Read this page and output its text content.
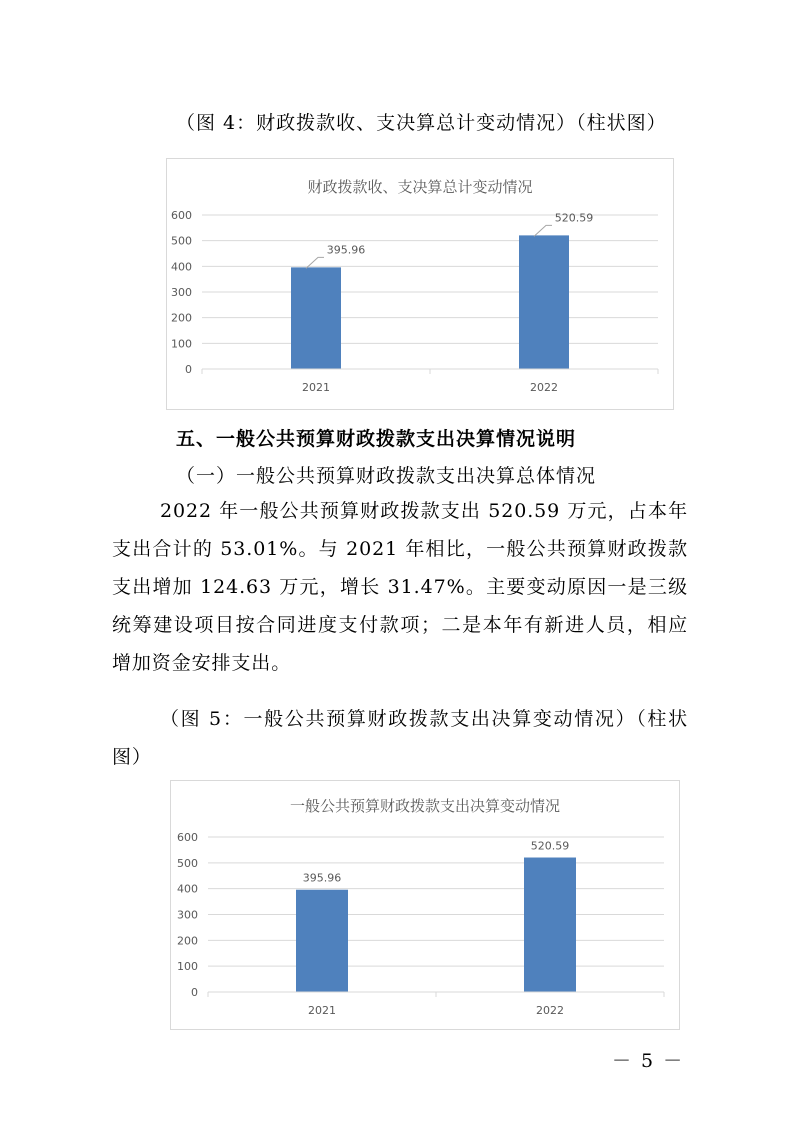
（图 4：财政拨款收、支决算总计变动情况）（柱状图）
财政拨款收、支决算总计变动情况
0
100
200
300
400
500
600
395.96
2021
520.59
2022
五、一般公共预算财政拨款支出决算情况说明
（一）一般公共预算财政拨款支出决算总体情况

2022 年一般公共预算财政拨款支出 520.59 万元，占本年支出合计的 53.01%。与 2021 年相比，一般公共预算财政拨款支出增加 124.63 万元，增长 31.47%。主要变动原因一是三级统筹建设项目按合同进度支付款项；二是本年有新进人员，相应增加资金安排支出。

（图 5：一般公共预算财政拨款支出决算变动情况）（柱状图）

一般公共预算财政拨款支出决算变动情况
0
100
200
300
400
500
600
395.96
2021
520.59
2022
－ 5 －
